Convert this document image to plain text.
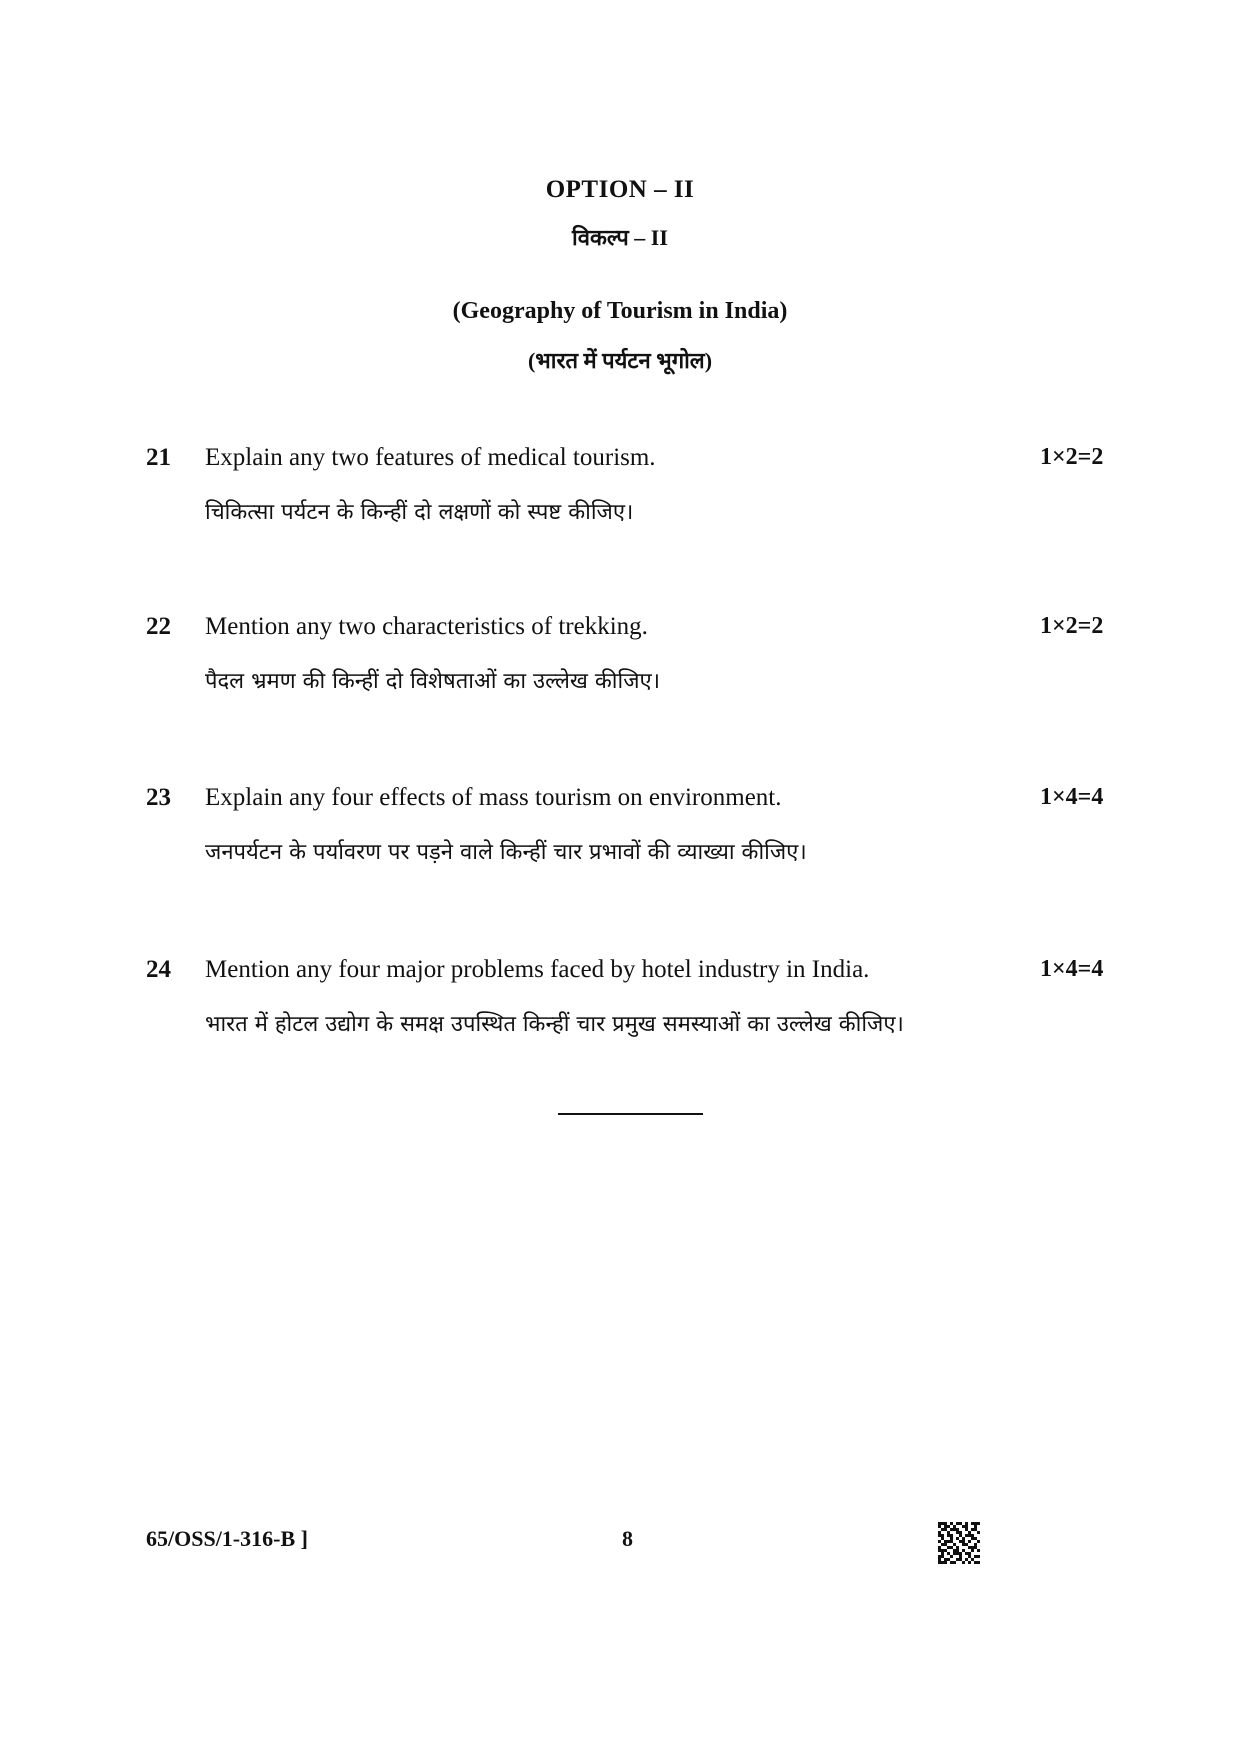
OPTION – II
विकल्प – II
(Geography of Tourism in India)
(भारत में पर्यटन भूगोल)
21 Explain any two features of medical tourism.	1×2=2
चिकित्सा पर्यटन के किन्हीं दो लक्षणों को स्पष्ट कीजिए।
22 Mention any two characteristics of trekking.	1×2=2
पैदल भ्रमण की किन्हीं दो विशेषताओं का उल्लेख कीजिए।
23 Explain any four effects of mass tourism on environment.	1×4=4
जनपर्यटन के पर्यावरण पर पड़ने वाले किन्हीं चार प्रभावों की व्याख्या कीजिए।
24 Mention any four major problems faced by hotel industry in India.	1×4=4
भारत में होटल उद्योग के समक्ष उपस्थित किन्हीं चार प्रमुख समस्याओं का उल्लेख कीजिए।
65/OSS/1-316-B ]	8
